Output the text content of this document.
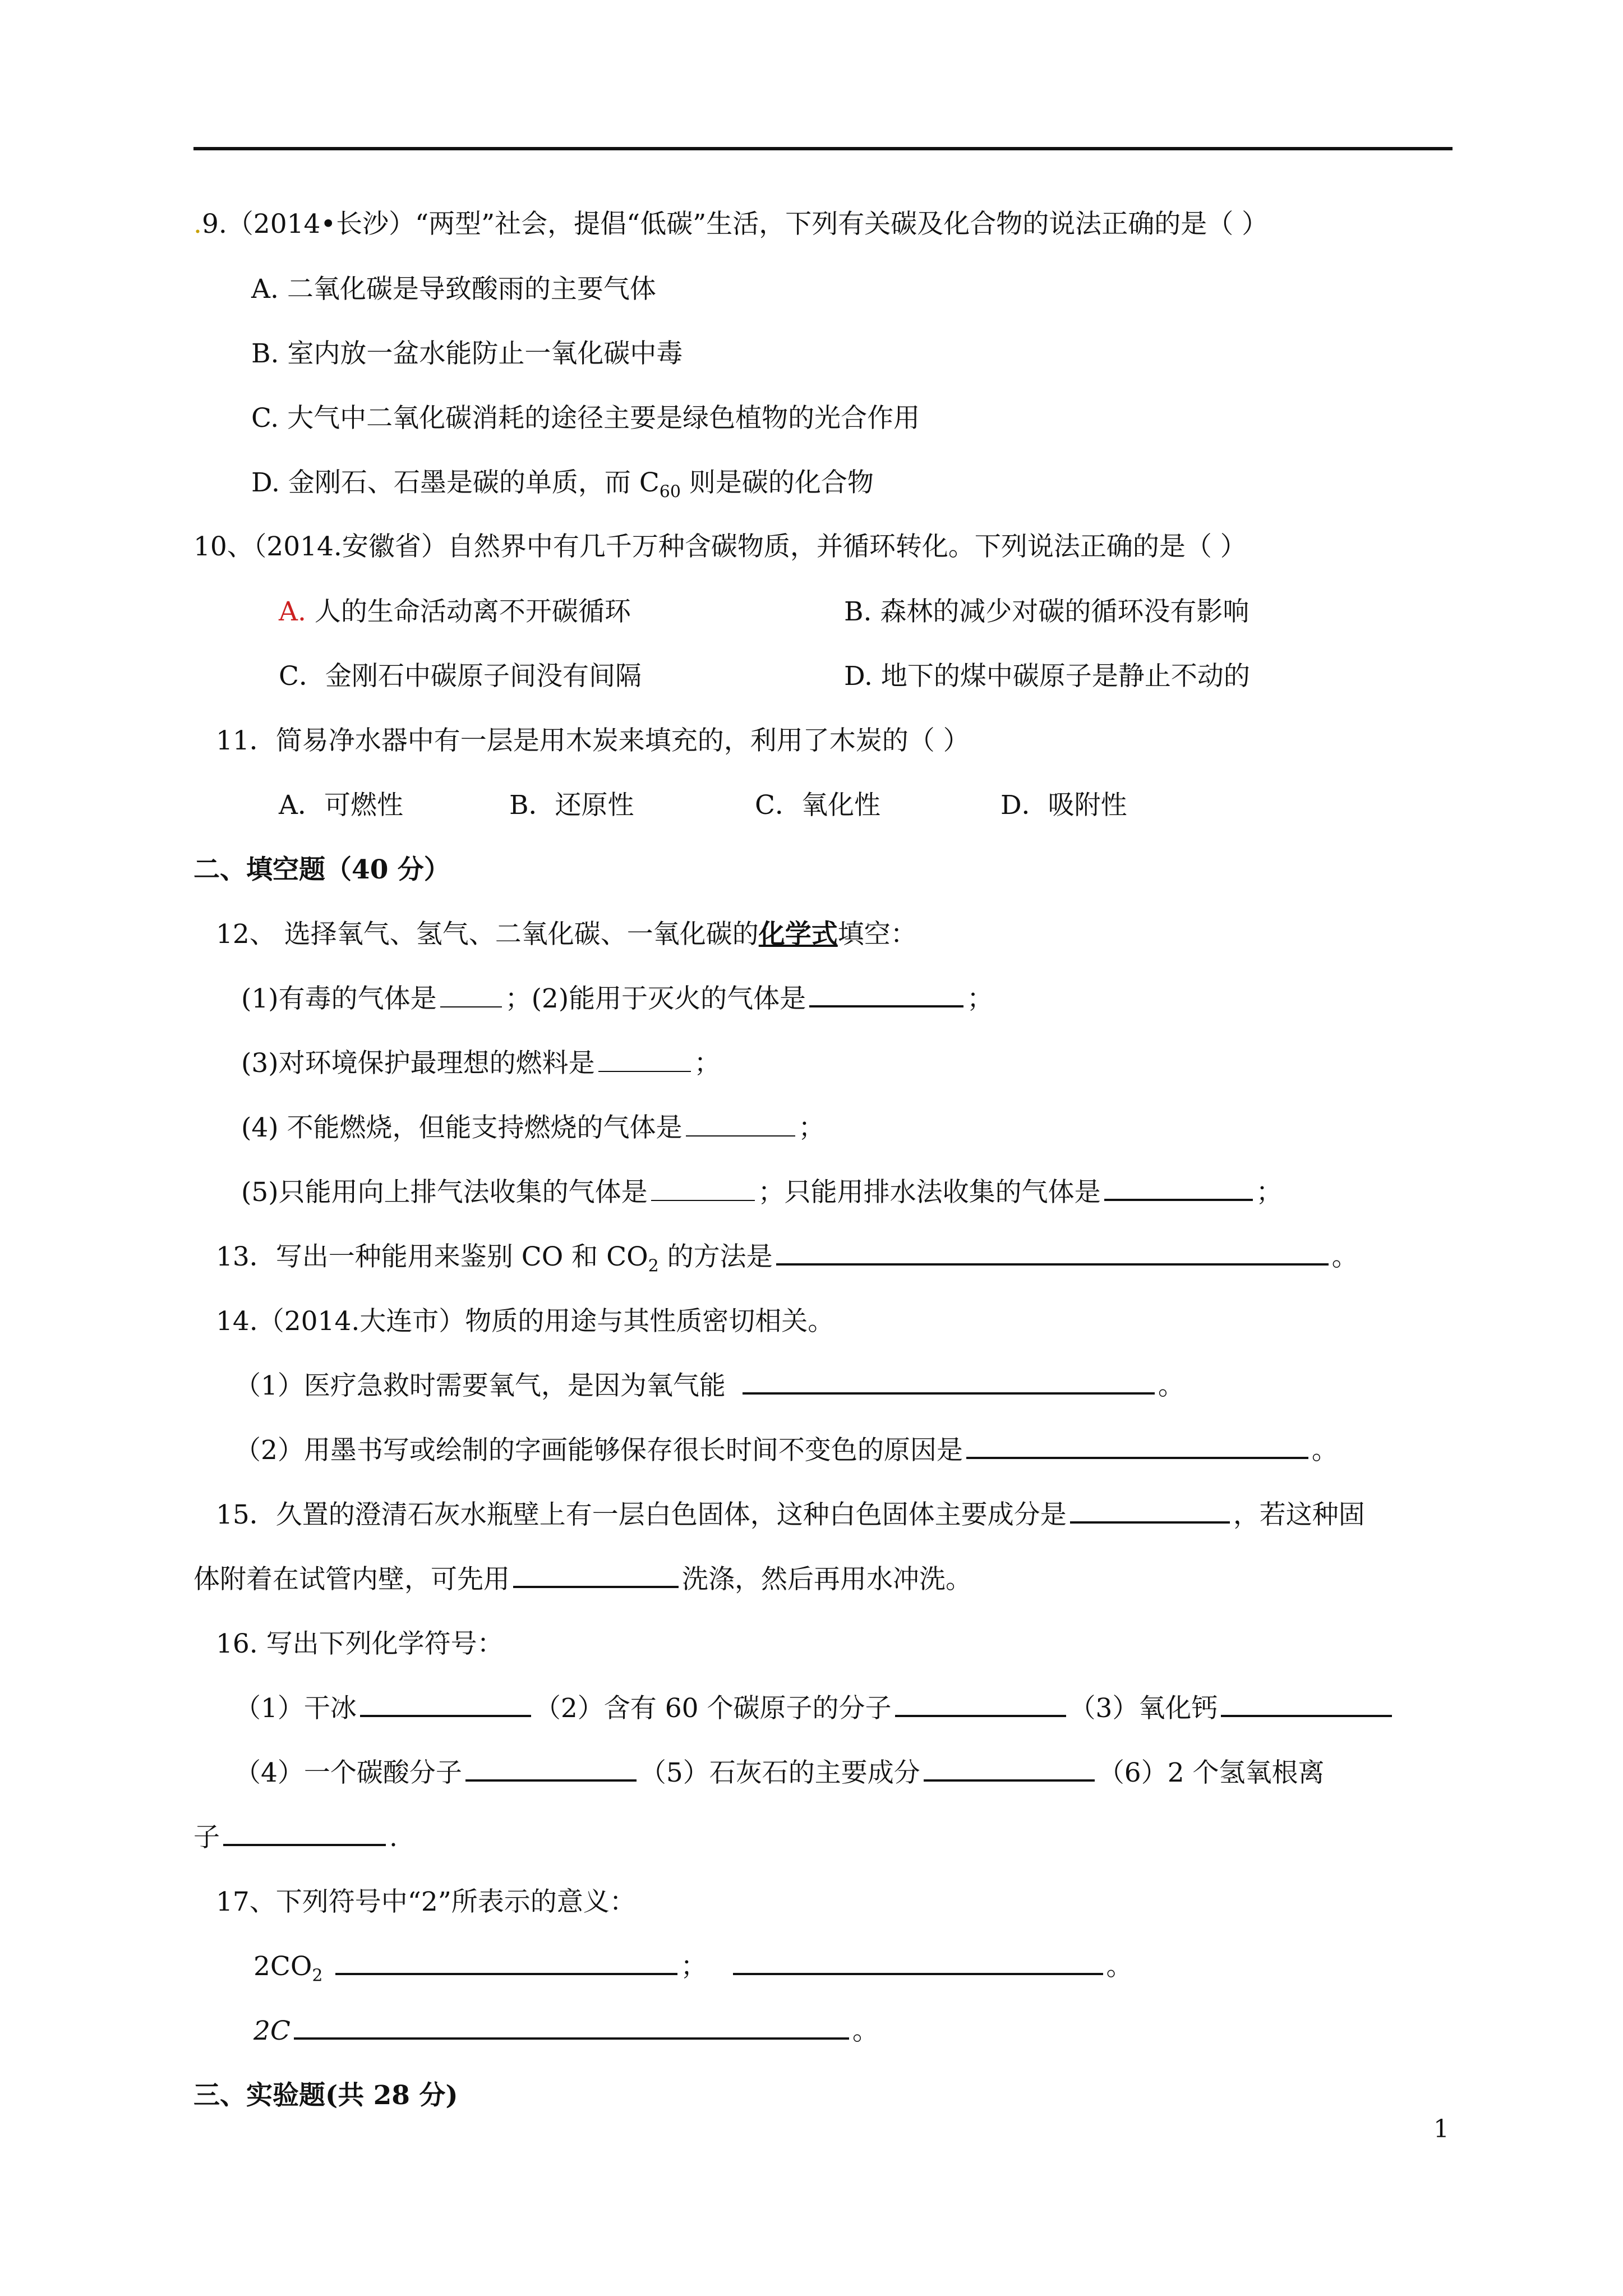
.9.（2014•长沙）“两型”社会，提倡“低碳”生活，下列有关碳及化合物的说法正确的是（ ）
A. 二氧化碳是导致酸雨的主要气体
B. 室内放一盆水能防止一氧化碳中毒
C. 大气中二氧化碳消耗的途径主要是绿色植物的光合作用
D. 金刚石、石墨是碳的单质，而 $C_{60}$ 则是碳的化合物
10、（2014.安徽省）自然界中有几千万种含碳物质，并循环转化。下列说法正确的是（ ）
A. 人的生命活动离不开碳循环	B. 森林的减少对碳的循环没有影响
C．金刚石中碳原子间没有间隔	D. 地下的煤中碳原子是静止不动的
11．简易净水器中有一层是用木炭来填充的，利用了木炭的（ ）
A．可燃性	B．还原性	C．氧化性	D．吸附性
二、填空题（40 分）
12、 选择氧气、氢气、二氧化碳、一氧化碳的化学式填空：
(1)有毒的气体是	；(2)能用于灭火的气体是	；
(3)对环境保护最理想的燃料是	；
(4) 不能燃烧，但能支持燃烧的气体是	；
(5)只能用向上排气法收集的气体是	；只能用排水法收集的气体是	；
13．写出一种能用来鉴别 CO 和 $CO_2$ 的方法是	。
14.（2014.大连市）物质的用途与其性质密切相关。
（1）医疗急救时需要氧气，是因为氧气能	。
（2）用墨书写或绘制的字画能够保存很长时间不变色的原因是	。
15．久置的澄清石灰水瓶壁上有一层白色固体，这种白色固体主要成分是	，若这种固
体附着在试管内壁，可先用	洗涤，然后再用水冲洗。
16. 写出下列化学符号：
（1）干冰	（2）含有 60 个碳原子的分子	（3）氧化钙
（4）一个碳酸分子	（5）石灰石的主要成分	（6）2 个氢氧根离
子	.
17、下列符号中“2”所表示的意义：
$2CO_2$	；	。
2C	。
三、实验题(共 28 分)
1
